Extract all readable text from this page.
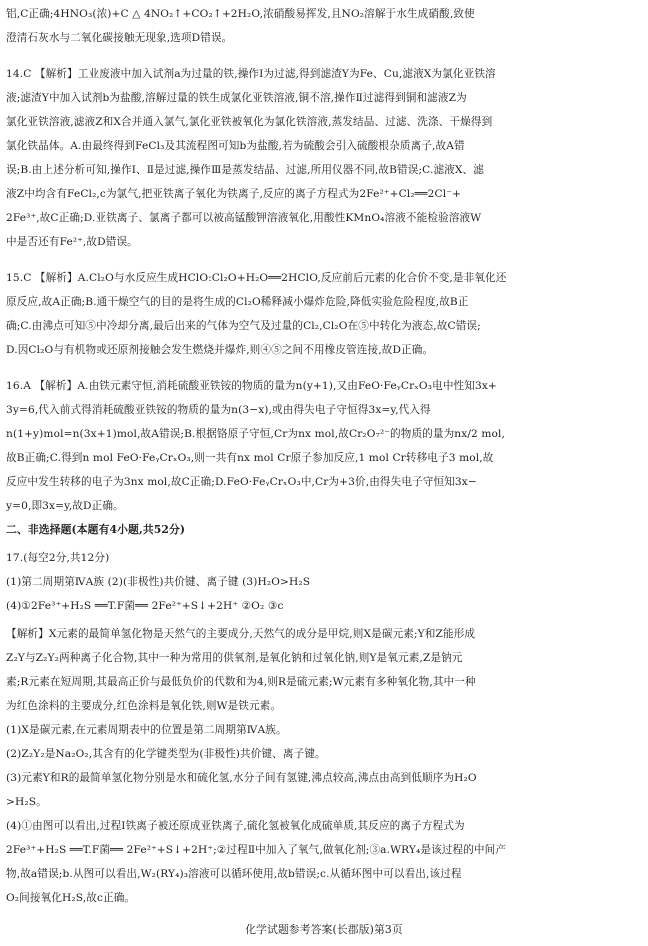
铝,C正确;4HNO₃(浓)+C △ 4NO₂↑+CO₂↑+2H₂O,浓硝酸易挥发,且NO₂溶解于水生成硝酸,致使
澄清石灰水与二氧化碳接触无现象,选项D错误。
14.C 【解析】工业废液中加入试剂a为过量的铁,操作Ⅰ为过滤,得到滤渣Y为Fe、Cu,滤液X为氯化亚铁溶
液;滤渣Y中加入试剂b为盐酸,溶解过量的铁生成氯化亚铁溶液,铜不溶,操作Ⅱ过滤得到铜和滤液Z为
氯化亚铁溶液,滤液Z和X合并通入氯气,氯化亚铁被氧化为氯化铁溶液,蒸发结晶、过滤、洗涤、干燥得到
氯化铁晶体。A.由最终得到FeCl₃及其流程图可知b为盐酸,若为硫酸会引入硫酸根杂质离子,故A错
误;B.由上述分析可知,操作Ⅰ、Ⅱ是过滤,操作Ⅲ是蒸发结晶、过滤,所用仪器不同,故B错误;C.滤液X、滤
液Z中均含有FeCl₂,c为氯气,把亚铁离子氧化为铁离子,反应的离子方程式为2Fe²⁺+Cl₂══2Cl⁻+
2Fe³⁺,故C正确;D.亚铁离子、氯离子都可以被高锰酸钾溶液氧化,用酸性KMnO₄溶液不能检验溶液W
中是否还有Fe²⁺,故D错误。
15.C 【解析】A.Cl₂O与水反应生成HClO:Cl₂O+H₂O══2HClO,反应前后元素的化合价不变,是非氧化还
原反应,故A正确;B.通干燥空气的目的是将生成的Cl₂O稀释减小爆炸危险,降低实验危险程度,故B正
确;C.由沸点可知⑤中冷却分离,最后出来的气体为空气及过量的Cl₂,Cl₂O在⑤中转化为液态,故C错误;
D.因Cl₂O与有机物或还原剂接触会发生燃烧并爆炸,则④⑤之间不用橡皮管连接,故D正确。
16.A 【解析】A.由铁元素守恒,消耗硫酸亚铁铵的物质的量为n(y+1),又由FeO·FeᵧCrₓO₃电中性知3x+
3y=6,代入前式得消耗硫酸亚铁铵的物质的量为n(3−x),或由得失电子守恒得3x=y,代入得
n(1+y)mol=n(3x+1)mol,故A错误;B.根据铬原子守恒,Cr为nx mol,故Cr₂O₇²⁻的物质的量为nx/2 mol,
故B正确;C.得到n mol FeO·FeᵧCrₓO₃,则一共有nx mol Cr原子参加反应,1 mol Cr转移电子3 mol,故
反应中发生转移的电子为3nx mol,故C正确;D.FeO·FeᵧCrₓO₃中,Cr为+3价,由得失电子守恒知3x−
y=0,即3x=y,故D正确。
二、非选择题(本题有4小题,共52分)
17.(每空2分,共12分)
(1)第二周期第ⅣA族 (2)(非极性)共价键、离子键 (3)H₂O>H₂S
(4)①2Fe³⁺+H₂S ══T.F菌══ 2Fe²⁺+S↓+2H⁺ ②O₂ ③c
【解析】X元素的最简单氢化物是天然气的主要成分,天然气的成分是甲烷,则X是碳元素;Y和Z能形成
Z₂Y与Z₂Y₂两种离子化合物,其中一种为常用的供氧剂,是氧化钠和过氧化钠,则Y是氧元素,Z是钠元
素;R元素在短周期,其最高正价与最低负价的代数和为4,则R是硫元素;W元素有多种氧化物,其中一种
为红色涂料的主要成分,红色涂料是氧化铁,则W是铁元素。
(1)X是碳元素,在元素周期表中的位置是第二周期第ⅣA族。
(2)Z₂Y₂是Na₂O₂,其含有的化学键类型为(非极性)共价键、离子键。
(3)元素Y和R的最简单氢化物分别是水和硫化氢,水分子间有氢键,沸点较高,沸点由高到低顺序为H₂O
>H₂S。
(4)①由图可以看出,过程Ⅰ铁离子被还原成亚铁离子,硫化氢被氧化成硫单质,其反应的离子方程式为
2Fe³⁺+H₂S ══T.F菌══ 2Fe²⁺+S↓+2H⁺;②过程Ⅱ中加入了氧气,做氧化剂;③a.WRY₄是该过程的中间产
物,故a错误;b.从图可以看出,W₂(RY₄)₃溶液可以循环使用,故b错误;c.从循环图中可以看出,该过程
O₂间接氧化H₂S,故c正确。
化学试题参考答案(长郡版)第3页
